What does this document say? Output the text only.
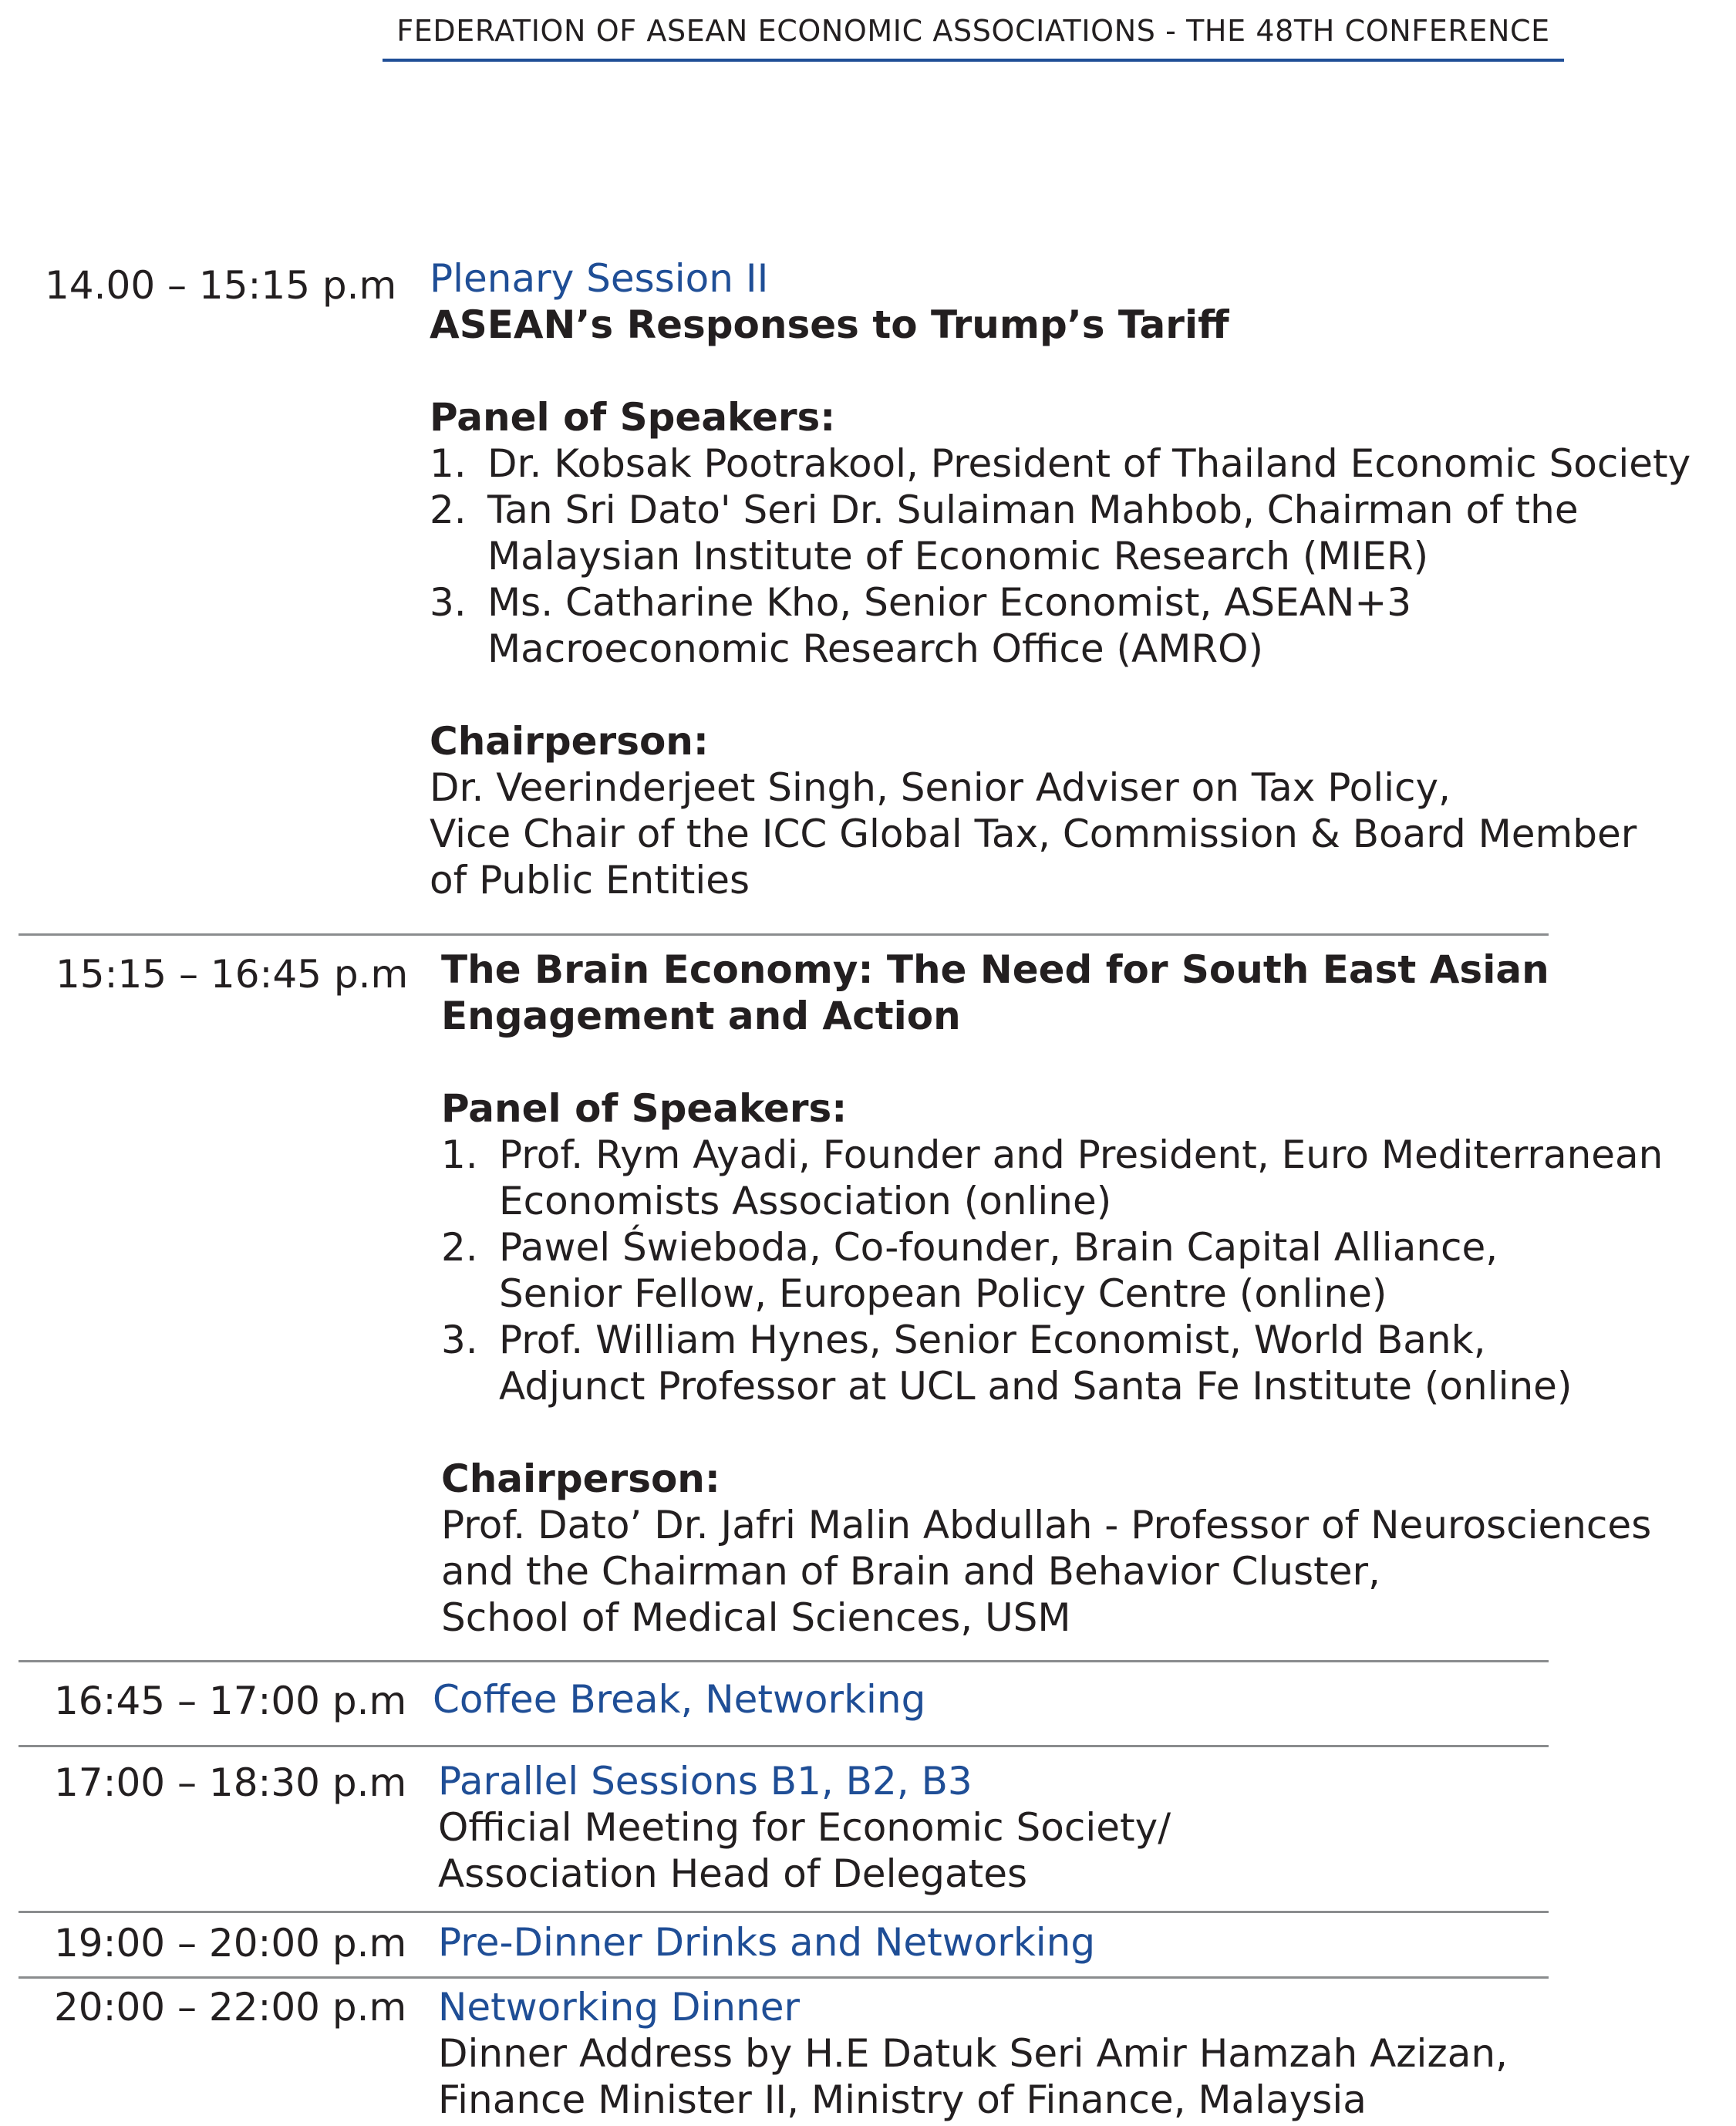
FEDERATION OF ASEAN ECONOMIC ASSOCIATIONS - THE 48TH CONFERENCE
14.00 – 15:15 p.m Plenary Session II
ASEAN’s Responses to Trump’s Tariff
Panel of Speakers:
1. Dr. Kobsak Pootrakool, President of Thailand Economic Society
2. Tan Sri Dato' Seri Dr. Sulaiman Mahbob, Chairman of the
Malaysian Institute of Economic Research (MIER)
3. Ms. Catharine Kho, Senior Economist, ASEAN+3
Macroeconomic Research Office (AMRO)
Chairperson:
Dr. Veerinderjeet Singh, Senior Adviser on Tax Policy,
Vice Chair of the ICC Global Tax, Commission & Board Member
of Public Entities
15:15 – 16:45 p.m The Brain Economy: The Need for South East Asian
Engagement and Action
Panel of Speakers:
1. Prof. Rym Ayadi, Founder and President, Euro Mediterranean
Economists Association (online)
2. Pawel Świeboda, Co-founder, Brain Capital Alliance,
Senior Fellow, European Policy Centre (online)
3. Prof. William Hynes, Senior Economist, World Bank,
Adjunct Professor at UCL and Santa Fe Institute (online)
Chairperson:
Prof. Dato’ Dr. Jafri Malin Abdullah - Professor of Neurosciences
and the Chairman of Brain and Behavior Cluster,
School of Medical Sciences, USM
16:45 – 17:00 p.m Coffee Break, Networking
17:00 – 18:30 p.m Parallel Sessions B1, B2, B3
Official Meeting for Economic Society/
Association Head of Delegates
19:00 – 20:00 p.m Pre-Dinner Drinks and Networking
20:00 – 22:00 p.m Networking Dinner
Dinner Address by H.E Datuk Seri Amir Hamzah Azizan,
Finance Minister II, Ministry of Finance, Malaysia
